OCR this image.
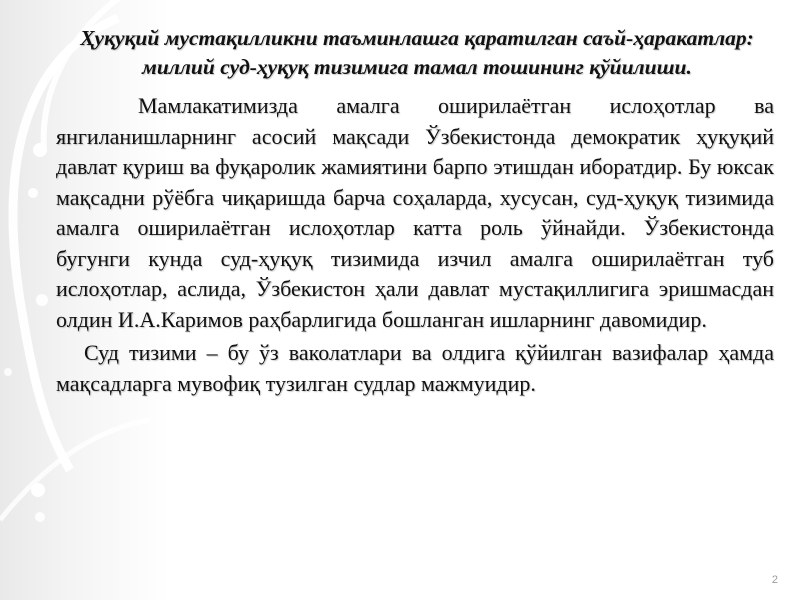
Ҳуқуқий мустақилликни таъминлашга қаратилган саъй-ҳаракатлар: миллий суд-ҳуқуқ тизимига тамал тошининг қўйилиши.

Мамлакатимизда амалга оширилаётган ислоҳотлар ва янгиланишларнинг асосий мақсади Ўзбекистонда демократик ҳуқуқий давлат қуриш ва фуқаролик жамиятини барпо этишдан иборатдир. Бу юксак мақсадни рўёбга чиқаришда барча соҳаларда, хусусан, суд-ҳуқуқ тизимида амалга оширилаётган ислоҳотлар катта роль ўйнайди. Ўзбекистонда бугунги кунда суд-ҳуқуқ тизимида изчил амалга оширилаётган туб ислоҳотлар, аслида, Ўзбекистон ҳали давлат мустақиллигига эришмасдан олдин И.А.Каримов раҳбарлигида бошланган ишларнинг давомидир.

Суд тизими – бу ўз ваколатлари ва олдига қўйилган вазифалар ҳамда мақсадларга мувофиқ тузилган судлар мажмуидир.

2
